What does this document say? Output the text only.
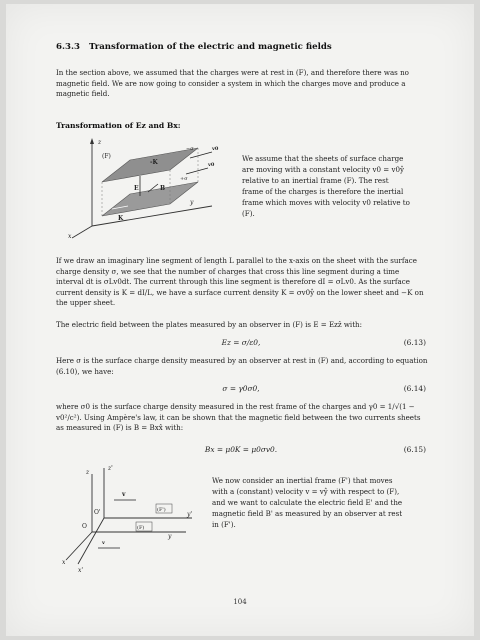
6.3.3 Transformation of the electric and magnetic fields

In the section above, we assumed that the charges were at rest in (F), and therefore there was no magnetic field. We are now going to consider a system in which the charges move and produce a magnetic field.

Transformation of Ez and Bx:
z
(F)
-K
K
E	B
v0
v0
−σ
+σ
y
x

We assume that the sheets of surface charge are moving with a constant velocity v0 = v0ŷ relative to an inertial frame (F). The rest frame of the charges is therefore the inertial frame which moves with velocity v0 relative to (F).

If we draw an imaginary line segment of length L parallel to the x-axis on the sheet with the surface charge density σ, we see that the number of charges that cross this line segment during a time interval dt is σLv0dt. The current through this line segment is therefore dI = σLv0. As the surface current density is K = dI/L, we have a surface current density K = σv0ŷ on the lower sheet and −K on the upper sheet.

The electric field between the plates measured by an observer in (F) is E = Ezẑ with:

Ez = σ/ε0,	(6.13)

Here σ is the surface charge density measured by an observer at rest in (F) and, according to equation (6.10), we have:

σ = γ0σ0,	(6.14)

where σ0 is the surface charge density measured in the rest frame of the charges and γ0 = 1/√(1 − v0²/c²). Using Ampère's law, it can be shown that the magnetic field between the two currents sheets as measured in (F) is B = Bxx̂ with:

Bx = μ0K = μ0σv0.	(6.15)
z
z'
v
O'	(F')
y'
O	(F)
y
v
x
x'

We now consider an inertial frame (F') that moves with a (constant) velocity v = vŷ with respect to (F), and we want to calculate the electric field E' and the magnetic field B' as measured by an observer at rest in (F').

104
